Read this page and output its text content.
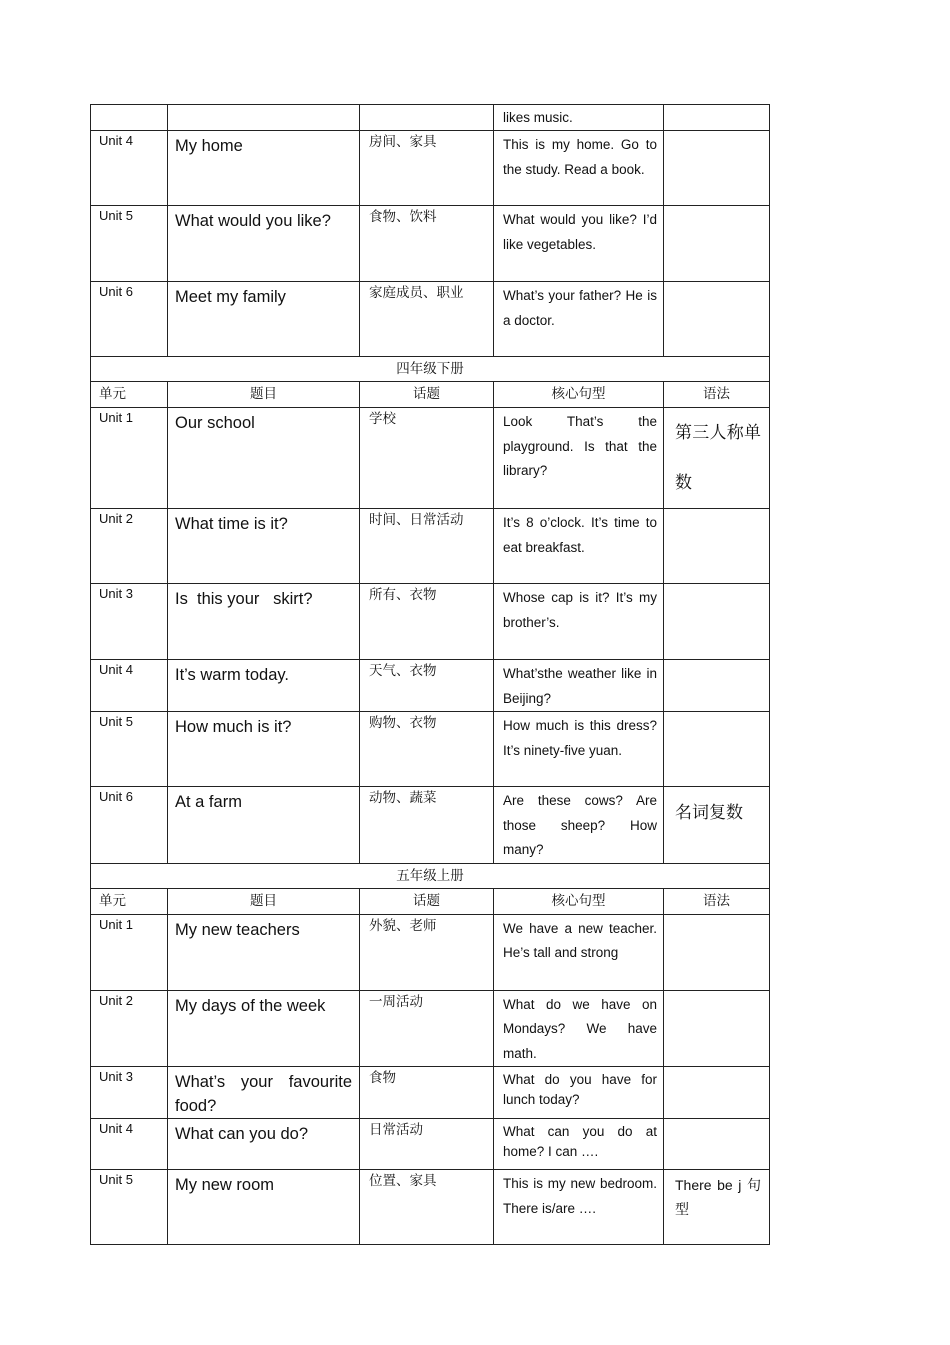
			likes music.	
Unit 4	My home	房间、家具	This is my home. Go to the study. Read a book.	
Unit 5	What would you like?	食物、饮料	What would you like? I’d like vegetables.	
Unit 6	Meet my family	家庭成员、职业	What’s your father? He is a doctor.	
四年级下册				
单元	题目	话题	核心句型	语法
Unit 1	Our school	学校	Look That’s the playground. Is that the library?	第三人称单数
Unit 2	What time is it?	时间、日常活动	It’s 8 o’clock. It’s time to eat breakfast.	
Unit 3	Is  this your   skirt?	所有、衣物	Whose cap is it? It’s my brother’s.	
Unit 4	It’s warm today.	天气、衣物	What’sthe weather like in Beijing?	
Unit 5	How much is it?	购物、衣物	How much is this dress? It’s ninety-five yuan.	
Unit 6	At a farm	动物、蔬菜	Are these cows? Are those sheep? How many?	名词复数
五年级上册				
单元	题目	话题	核心句型	语法
Unit 1	My new teachers	外貌、老师	We have a new teacher. He’s tall and strong	
Unit 2	My days of the week	一周活动	What do we have on Mondays? We have math.	
Unit 3	What’s your favourite food?	食物	What do you have for lunch today?	
Unit 4	What can you do?	日常活动	What can you do at home? I can ….	
Unit 5	My new room	位置、家具	This is my new bedroom. There is/are ….	There be j 句型
